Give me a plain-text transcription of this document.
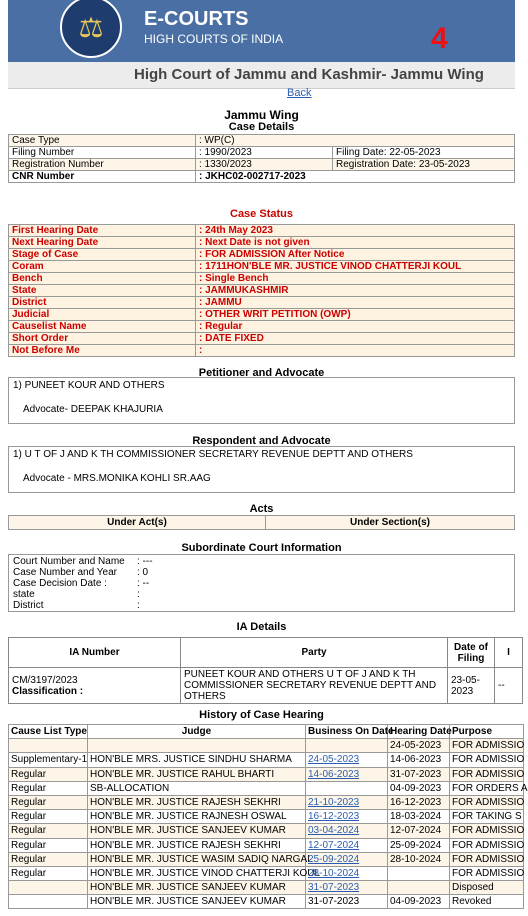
⚖ E-COURTS
HIGH COURTS OF INDIA	4
High Court of Jammu and Kashmir- Jammu Wing
Back
Jammu Wing
Case Details
Case Type	: WP(C)	
Filing Number	: 1990/2023	Filing Date: 22-05-2023
Registration Number	: 1330/2023	Registration Date: 23-05-2023
CNR Number	: JKHC02-002717-2023	
Case Status
First Hearing Date	: 24th May 2023
Next Hearing Date	: Next Date is not given
Stage of Case	: FOR ADMISSION After Notice
Coram	: 1711HON'BLE MR. JUSTICE VINOD CHATTERJI KOUL
Bench	: Single Bench
State	: JAMMUKASHMIR
District	: JAMMU
Judicial	: OTHER WRIT PETITION (OWP)
Causelist Name	: Regular
Short Order	: DATE FIXED
Not Before Me	:
Petitioner and Advocate
1) PUNEET KOUR AND OTHERS
Advocate- DEEPAK KHAJURIA
Respondent and Advocate
1) U T OF J AND K TH COMMISSIONER SECRETARY REVENUE DEPTT AND OTHERS
Advocate - MRS.MONIKA KOHLI SR.AAG
Acts
Under Act(s)	Under Section(s)
Subordinate Court Information
Court Number and Name : ---
Case Number and Year : 0
Case Decision Date :	: --
state	:
District	:
IA Details
IA Number	Party	Date of Filing	I

CM/3197/2023
Classification :	PUNEET KOUR AND OTHERS U T OF J AND K TH COMMISSIONER SECRETARY REVENUE DEPTT AND OTHERS	23-05-2023	--
History of Case Hearing
Cause List Type	Judge	Business On Date	Hearing Date	Purpose
			24-05-2023	FOR ADMISSIO
Supplementary-1	HON'BLE MRS. JUSTICE SINDHU SHARMA	24-05-2023	14-06-2023	FOR ADMISSIO
Regular	HON'BLE MR. JUSTICE RAHUL BHARTI	14-06-2023	31-07-2023	FOR ADMISSIO
Regular	SB-ALLOCATION		04-09-2023	FOR ORDERS A
Regular	HON'BLE MR. JUSTICE RAJESH SEKHRI	21-10-2023	16-12-2023	FOR ADMISSIO
Regular	HON'BLE MR. JUSTICE RAJNESH OSWAL	16-12-2023	18-03-2024	FOR TAKING S
Regular	HON'BLE MR. JUSTICE SANJEEV KUMAR	03-04-2024	12-07-2024	FOR ADMISSIO
Regular	HON'BLE MR. JUSTICE RAJESH SEKHRI	12-07-2024	25-09-2024	FOR ADMISSIO
Regular	HON'BLE MR. JUSTICE WASIM SADIQ NARGAL	25-09-2024	28-10-2024	FOR ADMISSIO
Regular	HON'BLE MR. JUSTICE VINOD CHATTERJI KOUL	28-10-2024		FOR ADMISSIO
	HON'BLE MR. JUSTICE SANJEEV KUMAR	31-07-2023		Disposed
	HON'BLE MR. JUSTICE SANJEEV KUMAR	31-07-2023	04-09-2023	Revoked
